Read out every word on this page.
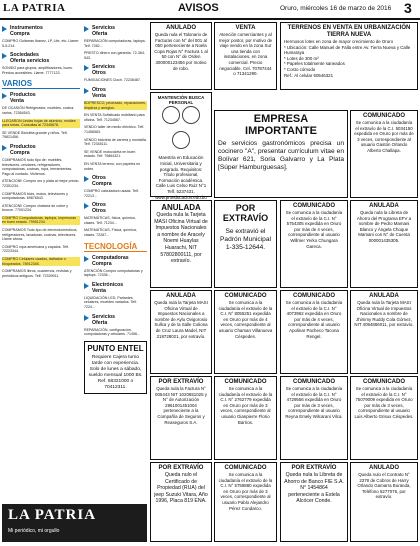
LA PATRIA	AVISOS	Oruro, miércoles 16 de marzo de 2016 3
Instrumentos
Compra

COMPRO Guitarras Ibanez, LP, Lite, etc. Llame: 5-5-214.

Sociedades
Oferta servicios

SONIDO para grupos, amplificadores, luces. Precios accesibles. Llame: 7777123.

VARIOS
Productos
Venta

DE OCASIÓN Refrigerador, muebles, cocina, varios. 72364543.

LLEGARON Lindas hojas de aluminio, moldes para tortas. Consultas al 72345678.

SE VENDE Bicicleta grande y niños. Telf. 79821456.

Productos
Compra

COMPRAMOS todo tipo de: muebles, televisores, celulares, refrigeradores, computadoras, cocinas, ropa, herramientas. Pago al contado. Visítenos.

ATENCION!! Compro oro y plata al mejor precio. 72351234.

COMPRAMOS bicis, motos, televisores y computadoras. 69876543.

ATENCION!! Compro chatarra de cobre y bronce. 77001234.

COMPRO Computadoras, laptops, impresoras en buen estado. 79951234.

COMPRAMOS Todo tipo de electrodomésticos, refrigeradores, lavadoras, cocinas, televisores. Llame ahora.

COMPRO ropa americana y zapatos. Telf. 72223344.

COMPRO Celulares usados, dañados o bloqueados. 78912345.

COMPRAMOS libros, cuadernos, revistas y periódicos antiguos. Telf. 72339911.

Servicios
Oferta

REPARACIÓN computadoras, laptops. Telf. 7282...

PRESTO dinero con garantía. 72-364-543.

Servicios
Otros

FUMIGACIONES Cloch. 72236487.

Otros
Venta

BOPRESCO, priorizado, reparaciones, limpieza y arreglos.

EN VENTA Sofisticado mobiliario para oficina. Telf. 71234567.

VENDO taller de medio eléctrico. Telf. 71456563.

VENDO bicicleta de carrera y montaña. Telf. 72345111.

SE VENDE motocicleta en buen estado. Telf. 79864321.

EN VENTA terreno, con papeles en orden.

Otros
Compra

COMPRO calculadora usada. Telf. 72213...

Otros
Otros

MATEMÁTICAS, física, química, clases. Telf. 71234...

MATEMÁTICAS, Física, química, clases. 72287...

TECNOLOGÍA
Computadoras
Compra

ATENCIÓN Compro computadoras y laptops. 72336...

Electrónicos
Venta

LIQUIDACIÓN LED, Parlantes, celulares, muebles variados. Telf. 7224...

Servicios
Oferta

REPARACIÓN, configuración, computadoras y celulares. 71456...

PUNTO ENTEL
Requiere Cajera turno tarde con experiencia. Solo de lunes a sábado, sueldo mensual 1000 Bs. Ref. 68321000 o 70412311.
LA PATRIA
Mi periódico, mi orgullo
ANULADO
Queda nula el Talonario de Facturas con N° del 001 al 050 perteneciente a Noela Copa Rojas N° Factura 1 al 50 con N° de Orden 300000123456 por motivo de robo.
VENTA
Atención comerciantes y al mejor postor, por motivo de viaje vendo en la zona Sur una tienda con instalaciones, en zona comercial. Precio negociable. Cel. 70787444 o 71341290.
TERRENOS EN VENTA EN URBANIZACIÓN TIERRA NUEVA
Hermosos lotes en zona de mayor crecimiento de Oruro
* Ubicación: Calle Manuel de Falla entre Av. Tierra Nueva y Calle Humaraya
* Lotes de 300 m²
* Papeles totalmente saneados
* Costo cómodo
Ref.: Al celular 60546321
MANTENCIÓN BUSCA PERSONAL
Maestría en Educación Inicial, Universitaria y posgrado. Requisitos: Título profesional, Formación académica. Calle Luis Celso Ruiz N°1 Telf. 5237431.
www.proeducacion.edu.bo
EMPRESA IMPORTANTE
De servicios gastronómicos precisa un cocinero "A", presentar currículum vitae en Bolívar 621, Soria Galvarro y La Plata [Súper Hamburguesas].
COMUNICADO
Se comunica a la ciudadanía el extravío de la C.I. 5034150 expedida en Oruro por más de 3 veces, correspondiente al usuario Gastón Orlando Alberto Challapa.
ANULADA
Queda nula la Tarjeta MASI Oficina Virtual de Impuestos Nacionales a nombre de Aracely Noemi Huaylas Huarachi, NIT 57802800111, por extravío.
POR EXTRAVÍO
Se extravió el Padrón Municipal 1-335-12644.
COMUNICADO
Se comunica a la ciudadanía el extravío de la C.I. N° 5754305 expedida en Oruro por más de 4 veces, correspondiente al usuario Willmer Yerko Chungara Gareca.
ANULADA
Queda nula la Libreta de Ahorro del Programa EFV a nombre de Pedro Mamani Blanco y Ángela Choque Mamani con N° de Cuenta 000001435305.
ANULADA
Queda nula la Tarjeta MASI Oficina Virtual de Impuestos Nacionales a nombre de Aylu Ovigorosio Sullca y de la Salle Coliona de Cruz Laura Madel, NIT 218728021, por extravío.
COMUNICADO
Se comunica a la ciudadanía el extravío de la C.I. N° 8055251 expedida en Oruro por más de 4 veces, correspondiente al usuario Chaman Villanueva Céspedes.
COMUNICADO
Se comunica a la ciudadanía el extravío de la C.I. N° 4073962 expedida en Oruro por más de 4 veces, correspondiente al usuario Apolinar Pacheco Tacona Rengel.
ANULADA
Queda nula la Tarjeta MASI Oficina Virtual de Impuestos Nacionales a nombre de Jhimmy Ruddy Cola Gómez, NIT 4094866011, por extravío.
POR EXTRAVÍO
Queda nula la Factura N° 005443 NIT 1020651025 y N° de Autorización 2961001451004 perteneciente a la Compañía de Seguros y Reaseguros S.A.
COMUNICADO
Se comunica a la ciudadanía el extravío de la C.I. N° 2762779 expedida en Oruro por más de 3 veces, correspondiente al usuario Gianpierre Florio Barrios.
COMUNICADO
Se comunica a la ciudadanía el extravío de la C.I. N° 4729556 expedida en Oruro por más de 3 veces, correspondiente al usuario Reyna Emely Wilcarani Vilca.
COMUNICADO
Se comunica a la ciudadanía el extravío de la C.I. N° 75079009 expedida en Oruro por más de 3 veces, correspondiente al usuario Luis Alberto Grisux Céspedes.
POR EXTRAVÍO
Queda nulo el Certificado de Propiedad (RUA) del jeep Suzuki Vitara, Año 1996, Placa 819 ENA.
COMUNICADO
Se comunica a la ciudadanía el extravío de la C.I. N° 5759880 expedida en Oruro por más de 3 veces, correspondiente al usuario Pablo Alejandro Pérez Condarco.
POR EXTRAVÍO
Queda nula la Libreta de Ahorro de Banco FIE S.A. N° 1454864 perteneciente a Estela Alcócer Conde.
ANULADO
Queda nulo el Contrato N° 2378 de Cobros de Harry Orlando Gamarra Buranda, Teléfono 5277076, por extravío.
